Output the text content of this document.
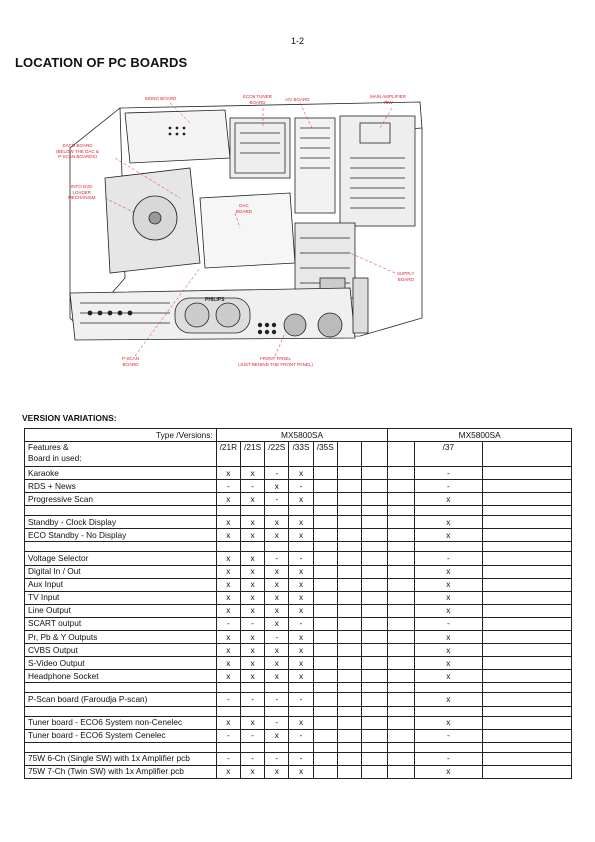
1-2
LOCATION OF PC BOARDS
PHILIPS
MONO BOARD	ECO6 TUNER
BOARD	A/V BOARD
MAIN AMPLIFIER
75W
DACD BOARD
(BELOW THE DAC &
P-SCAN BOARDS)
INTO DVD
LOADER
MECHANISM
DAC
BOARD
SUPPLY
BOARD
P-SCAN
BOARD
FRONT PANEL
(JUST BEHIND THE FRONT PANEL)
VERSION VARIATIONS:
Type /Versions:	MX5800SA							MX5800SA		

Features &
Board in used:	/21R	/21S	/22S	/33S	/35S				/37	
Karaoke	x	x	-	x					-	
RDS + News	-	-	x	-					-	
Progressive Scan	x	x	-	x					x	

Standby - Clock Display	x	x	x	x					x	
ECO Standby - No Display	x	x	x	x					x	

Voltage Selector	x	x	-	-					-	
Digital In / Out	x	x	x	x					x	
Aux Input	x	x	x	x					x	
TV Input	x	x	x	x					x	
Line Output	x	x	x	x					x	
SCART output	-	-	x	-					-	
Pr, Pb & Y Outputs	x	x	-	x					x	
CVBS Output	x	x	x	x					x	
S-Video Output	x	x	x	x					x	
Headphone Socket	x	x	x	x					x	

P-Scan board (Faroudja P-scan)	-	-	-	-					x	

Tuner board - ECO6 System non-Cenelec	x	x	-	x					x	
Tuner board - ECO6 System Cenelec	-	-	x	-					-	

75W 6-Ch (Single SW) with 1x Amplifier pcb	-	-	-	-					-	
75W 7-Ch (Twin SW) with 1x Amplifier pcb	x	x	x	x					x	
